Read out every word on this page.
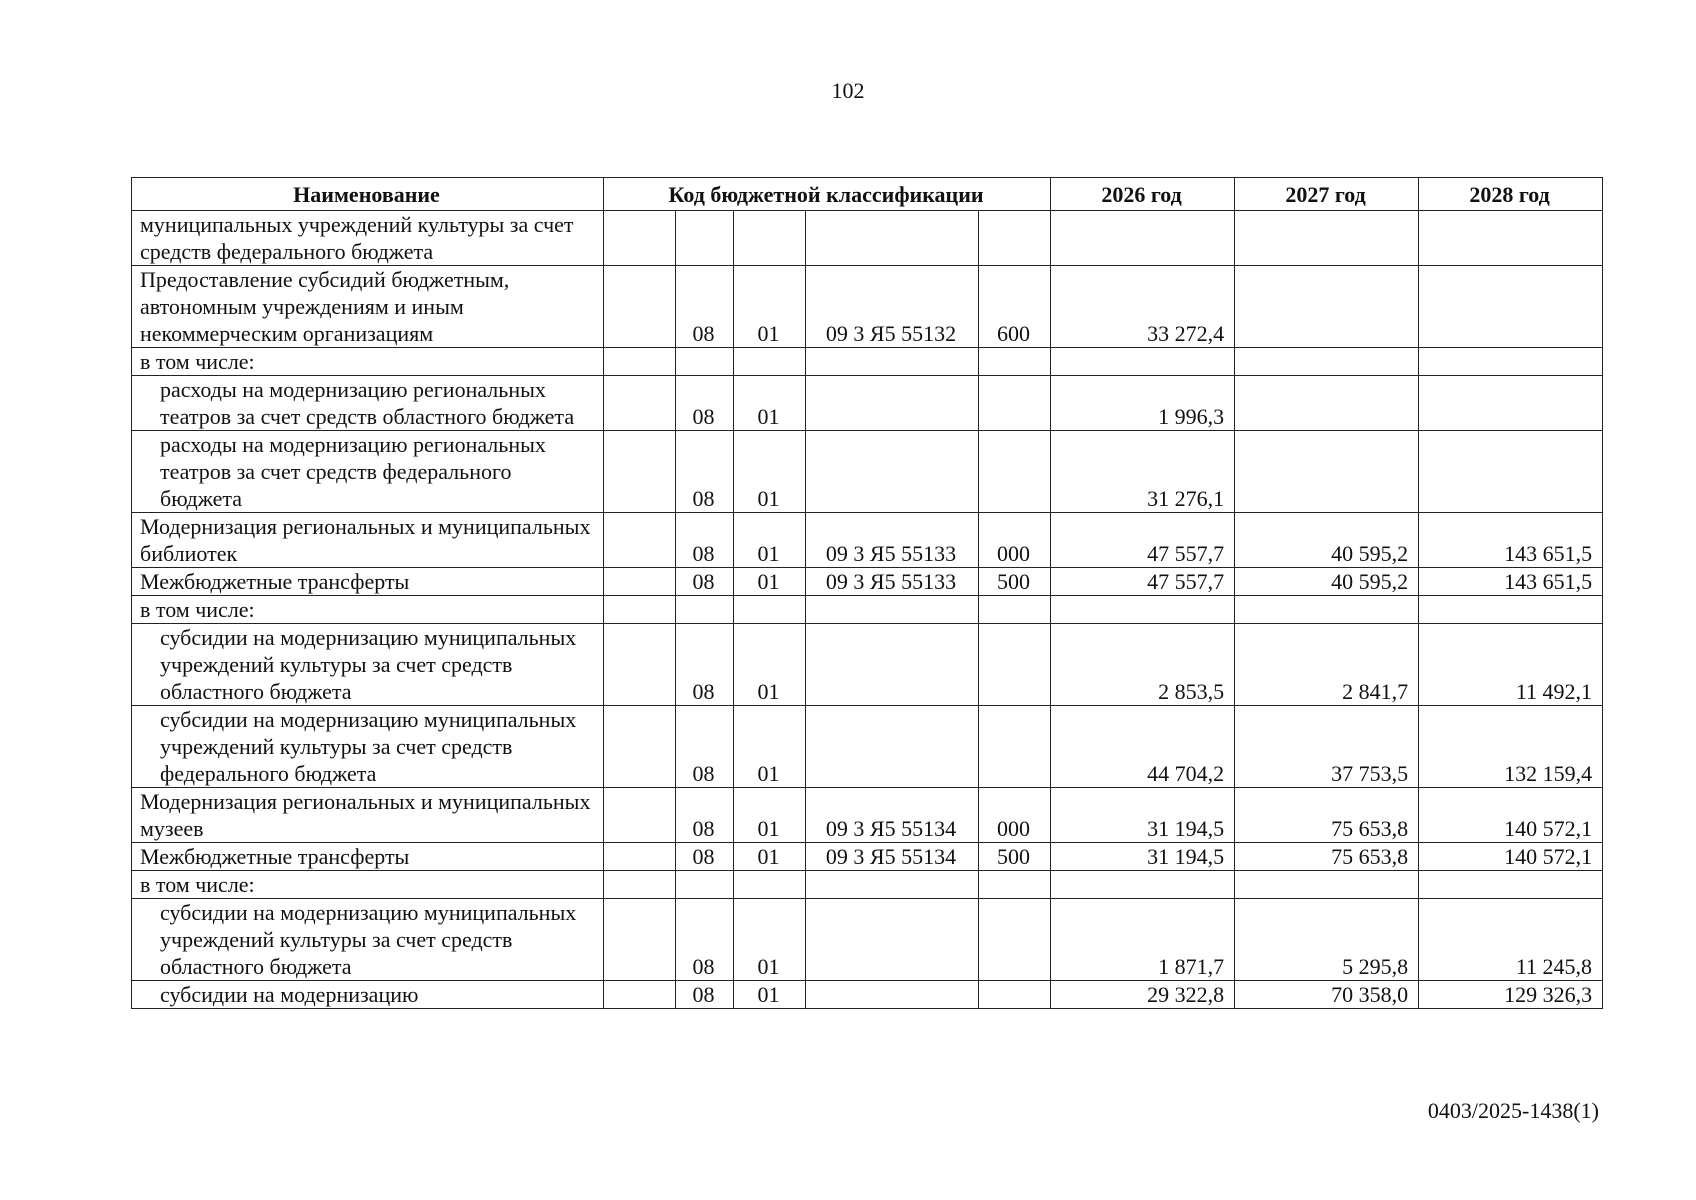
102
Наименование	Код бюджетной классификации					2026 год	2027 год	2028 год
муниципальных учреждений культуры за счет средств федерального бюджета								
Предоставление субсидий бюджетным, автономным учреждениям и иным некоммерческим организациям		08	01	09 3 Я5 55132	600	33 272,4		
в том числе:								
расходы на модернизацию региональных театров за счет средств областного бюджета		08	01			1 996,3		
расходы на модернизацию региональных театров за счет средств федерального бюджета		08	01			31 276,1		
Модернизация региональных и муниципальных библиотек		08	01	09 3 Я5 55133	000	47 557,7	40 595,2	143 651,5
Межбюджетные трансферты		08	01	09 3 Я5 55133	500	47 557,7	40 595,2	143 651,5
в том числе:								
субсидии на модернизацию муниципальных учреждений культуры за счет средств областного бюджета		08	01			2 853,5	2 841,7	11 492,1
субсидии на модернизацию муниципальных учреждений культуры за счет средств федерального бюджета		08	01			44 704,2	37 753,5	132 159,4
Модернизация региональных и муниципальных музеев		08	01	09 3 Я5 55134	000	31 194,5	75 653,8	140 572,1
Межбюджетные трансферты		08	01	09 3 Я5 55134	500	31 194,5	75 653,8	140 572,1
в том числе:								
субсидии на модернизацию муниципальных учреждений культуры за счет средств областного бюджета		08	01			1 871,7	5 295,8	11 245,8
субсидии на модернизацию		08	01			29 322,8	70 358,0	129 326,3
0403/2025-1438(1)
